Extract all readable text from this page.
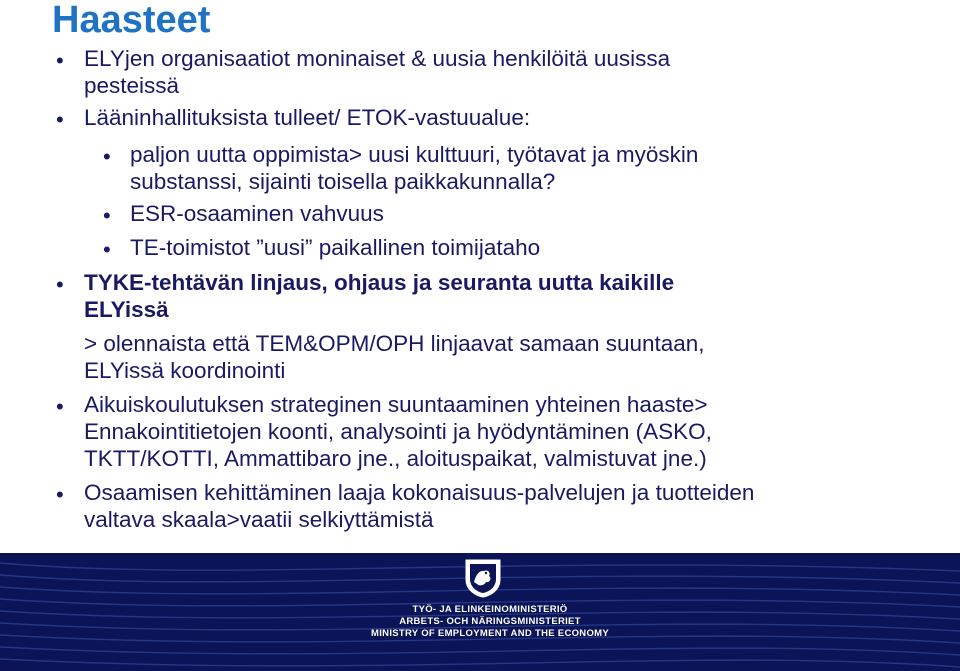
Haasteet
• ELYjen organisaatiot moninaiset & uusia henkilöitä uusissa
pesteissä
• Lääninhallituksista tulleet/ ETOK-vastuualue:
• paljon uutta oppimista> uusi kulttuuri, työtavat ja myöskin
substanssi, sijainti toisella paikkakunnalla?
• ESR-osaaminen vahvuus
• TE-toimistot ”uusi” paikallinen toimijataho
• TYKE-tehtävän linjaus, ohjaus ja seuranta uutta kaikille
ELYissä
> olennaista että TEM&OPM/OPH linjaavat samaan suuntaan,
ELYissä koordinointi
• Aikuiskoulutuksen strateginen suuntaaminen yhteinen haaste>
Ennakointitietojen koonti, analysointi ja hyödyntäminen (ASKO,
TKTT/KOTTI, Ammattibaro jne., aloituspaikat, valmistuvat jne.)
• Osaamisen kehittäminen laaja kokonaisuus-palvelujen ja tuotteiden
valtava skaala>vaatii selkiyttämistä
TYÖ- JA ELINKEINOMINISTERIÖ
ARBETS- OCH NÄRINGSMINISTERIET
MINISTRY OF EMPLOYMENT AND THE ECONOMY
